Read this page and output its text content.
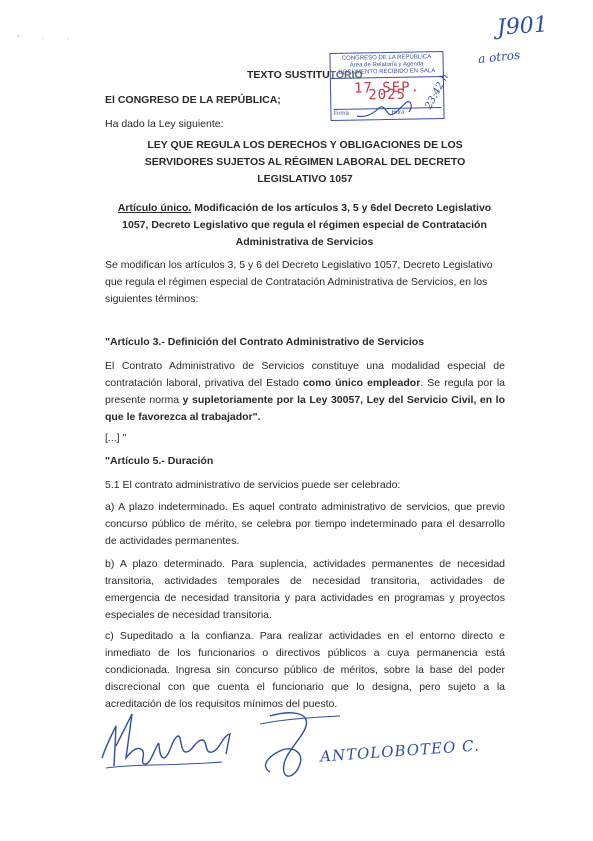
' · ·	J901
a otros
TEXTO SUSTITUTORIO
CONGRESO DE LA REPÚBLICA
Área de Relatoría y Agenda
DOCUMENTO RECIBIDO EN SALA
17 SEP. 2025
Firma	Hora
23:42 h
El CONGRESO DE LA REPÚBLICA;
Ha dado la Ley siguiente:
LEY QUE REGULA LOS DERECHOS Y OBLIGACIONES DE LOS SERVIDORES SUJETOS AL RÉGIMEN LABORAL DEL DECRETO LEGISLATIVO 1057
Artículo único. Modificación de los artículos 3, 5 y 6del Decreto Legislativo 1057, Decreto Legislativo que regula el régimen especial de Contratación Administrativa de Servicios
Se modifican los artículos 3, 5 y 6 del Decreto Legislativo 1057, Decreto Legislativo que regula el régimen especial de Contratación Administrativa de Servicios, en los siguientes términos:
"Artículo 3.- Definición del Contrato Administrativo de Servicios
El Contrato Administrativo de Servicios constituye una modalidad especial de contratación laboral, privativa del Estado como único empleador. Se regula por la presente norma y supletoriamente por la Ley 30057, Ley del Servicio Civil, en lo que le favorezca al trabajador".
[...] "
"Artículo 5.- Duración
5.1 El contrato administrativo de servicios puede ser celebrado:
a) A plazo indeterminado. Es aquel contrato administrativo de servicios, que previo concurso público de mérito, se celebra por tiempo indeterminado para el desarrollo de actividades permanentes.
b) A plazo determinado. Para suplencia, actividades permanentes de necesidad transitoria, actividades temporales de necesidad transitoria, actividades de emergencia de necesidad transitoria y para actividades en programas y proyectos especiales de necesidad transitoria.
c) Supeditado a la confianza. Para realizar actividades en el entorno directo e inmediato de los funcionarios o directivos públicos a cuya permanencia está condicionada. Ingresa sin concurso público de méritos, sobre la base del poder discrecional con que cuenta el funcionario que lo designa, pero sujeto a la acreditación de los requisitos mínimos del puesto.
ANTOLOBOTEO C.
